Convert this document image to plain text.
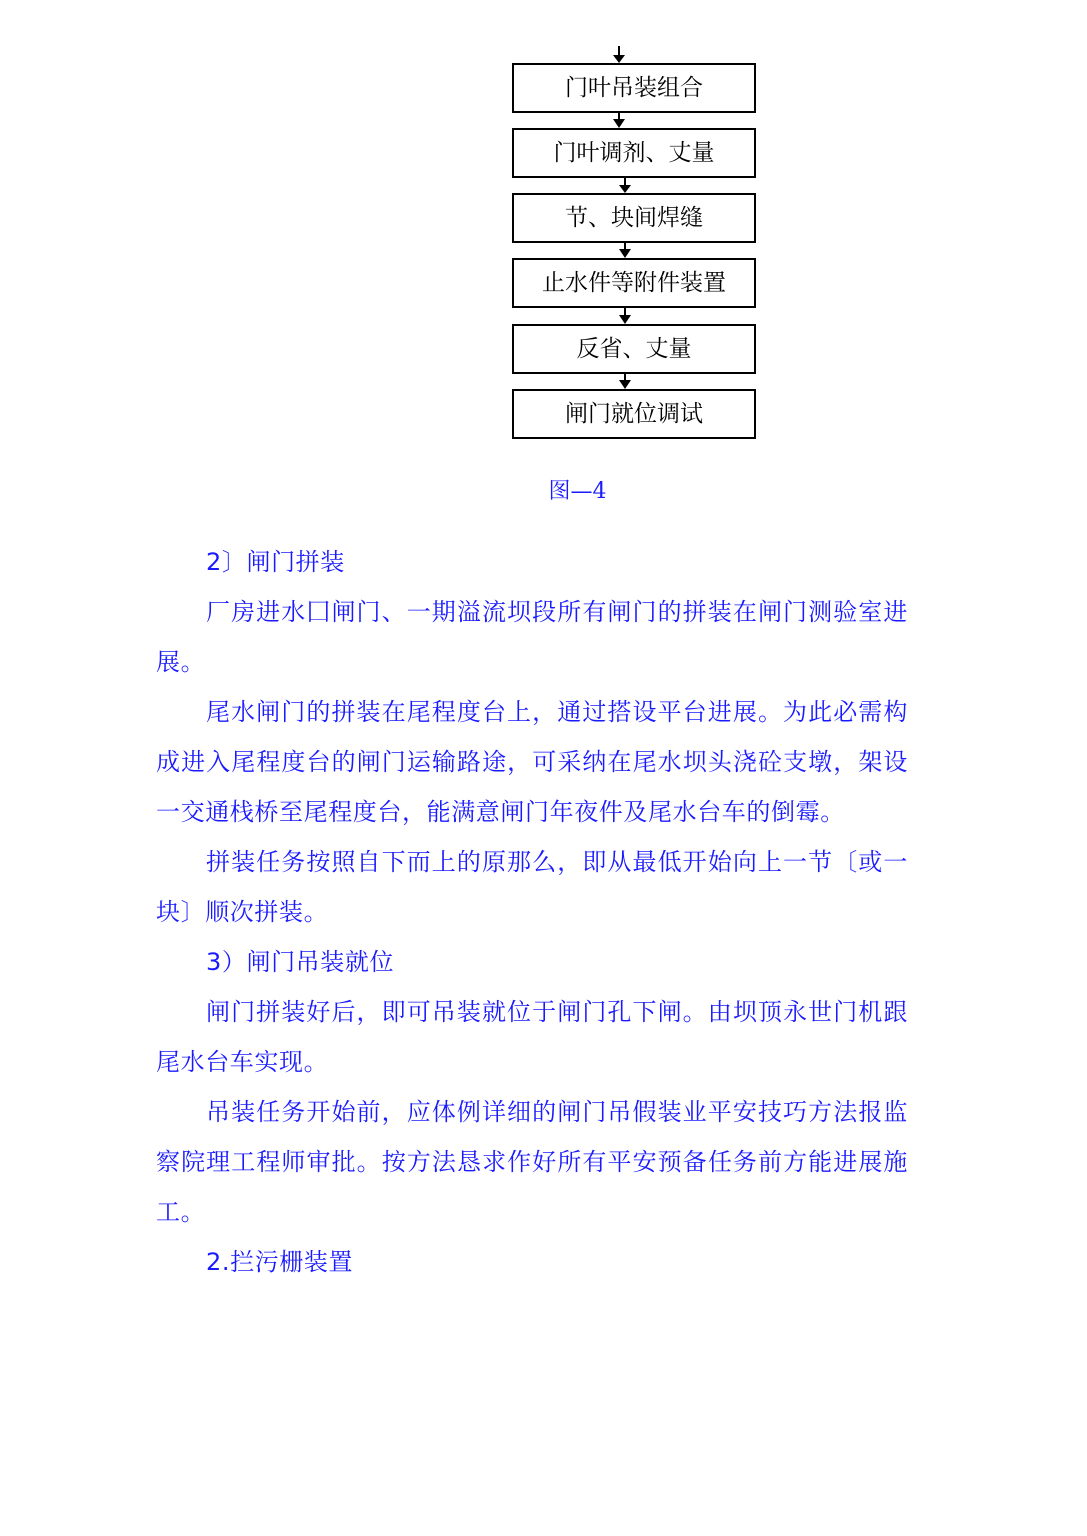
门叶吊装组合
门叶调剂、丈量
节、块间焊缝
止水件等附件装置
反省、丈量
闸门就位调试
图—4

2〕闸门拼装

厂房进水囗闸门、一期溢流坝段所有闸门的拼装在闸门测验室进展。

尾水闸门的拼装在尾程度台上，通过搭设平台进展。为此必需构成进入尾程度台的闸门运输路途，可采纳在尾水坝头浇砼支墩，架设一交通栈桥至尾程度台，能满意闸门年夜件及尾水台车的倒霉。

拼装任务按照自下而上的原那么，即从最低开始向上一节〔或一块〕顺次拼装。

3）闸门吊装就位

闸门拼装好后，即可吊装就位于闸门孔下闸。由坝顶永世门机跟尾水台车实现。

吊装任务开始前，应体例详细的闸门吊假装业平安技巧方法报监察院理工程师审批。按方法恳求作好所有平安预备任务前方能进展施工。

2.拦污栅装置
